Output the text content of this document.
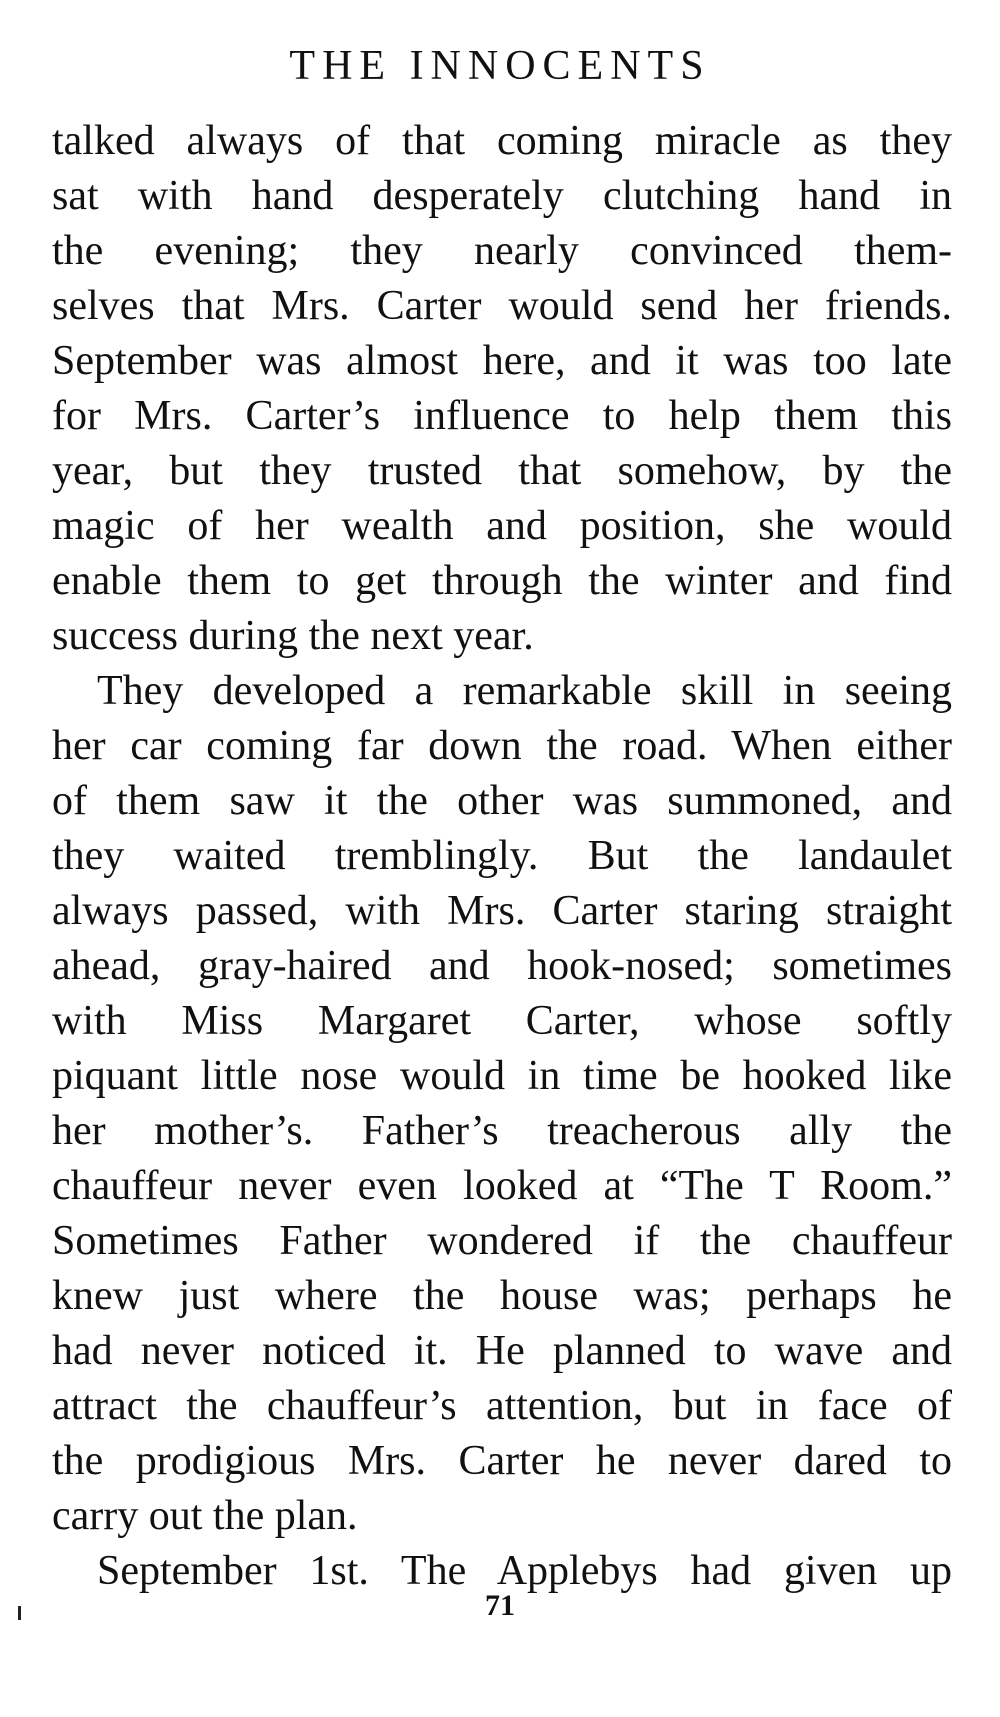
THE INNOCENTS
talked always of that coming miracle as they
sat with hand desperately clutching hand in
the evening; they nearly convinced them-
selves that Mrs. Carter would send her friends.
September was almost here, and it was too late
for Mrs. Carter’s influence to help them this
year, but they trusted that somehow, by the
magic of her wealth and position, she would
enable them to get through the winter and find
success during the next year.
They developed a remarkable skill in seeing
her car coming far down the road. When either
of them saw it the other was summoned, and
they waited tremblingly. But the landaulet
always passed, with Mrs. Carter staring straight
ahead, gray-haired and hook-nosed; sometimes
with Miss Margaret Carter, whose softly
piquant little nose would in time be hooked like
her mother’s. Father’s treacherous ally the
chauffeur never even looked at “The T Room.”
Sometimes Father wondered if the chauffeur
knew just where the house was; perhaps he
had never noticed it. He planned to wave and
attract the chauffeur’s attention, but in face of
the prodigious Mrs. Carter he never dared to
carry out the plan.
September 1st. The Applebys had given up
71
